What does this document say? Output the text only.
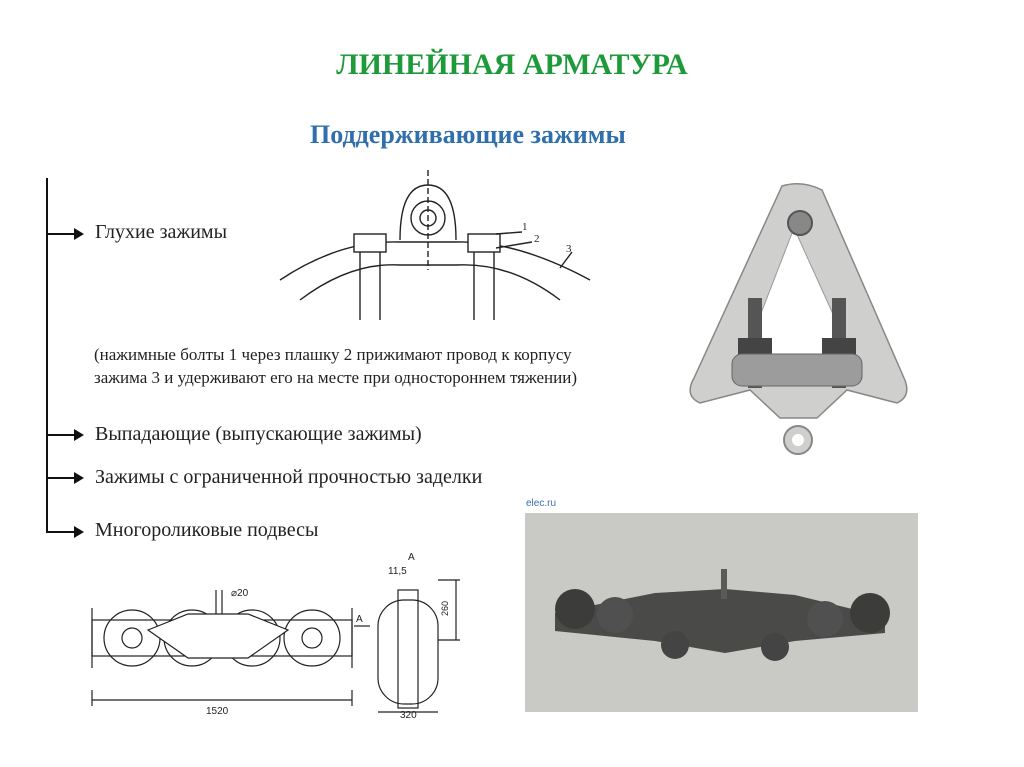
ЛИНЕЙНАЯ АРМАТУРА
Поддерживающие зажимы
Глухие зажимы
Выпадающие (выпускающие зажимы)
Зажимы с ограниченной прочностью заделки
Многороликовые подвесы
(нажимные болты 1 через плашку 2 прижимают провод к корпусу
зажима 3 и удерживают его на месте при одностороннем тяжении)
1
2
3
⌀20
1520
A
A
11,5
260
320
elec.ru
